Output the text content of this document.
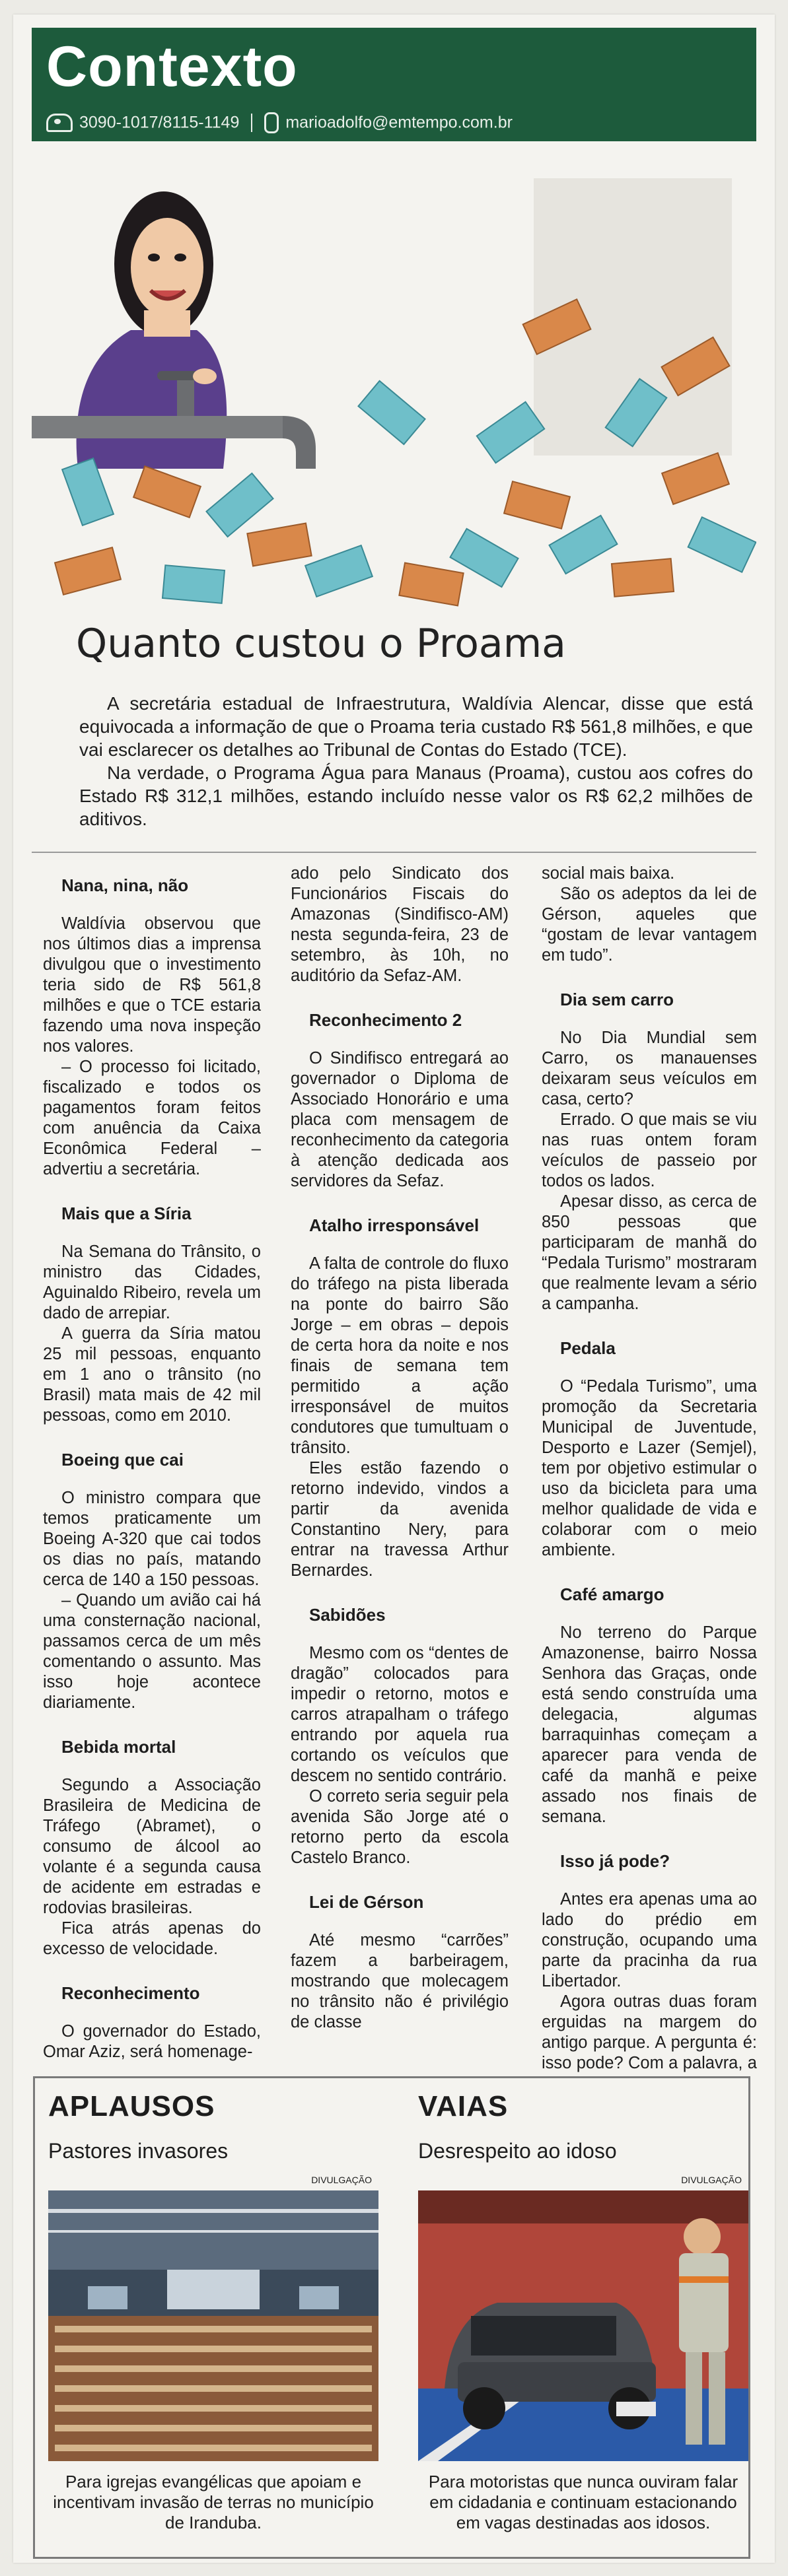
Contexto
3090-1017/8115-1149	marioadolfo@emtempo.com.br
Quanto custou o Proama

A secretária estadual de Infraestrutura, Waldívia Alencar, disse que está equivocada a informação de que o Proama teria custado R$ 561,8 milhões, e que vai esclarecer os detalhes ao Tribunal de Contas do Estado (TCE).

Na verdade, o Programa Água para Manaus (Proama), custou aos cofres do Estado R$ 312,1 milhões, estando incluído nesse valor os R$ 62,2 milhões de aditivos.

Nana, nina, não

Waldívia observou que nos últimos dias a imprensa divulgou que o investimento teria sido de R$ 561,8 milhões e que o TCE estaria fazendo uma nova inspeção nos valores.

– O processo foi licitado, fiscalizado e todos os pagamentos foram feitos com anuência da Caixa Econômica Federal – advertiu a secretária.

Mais que a Síria

Na Semana do Trânsito, o ministro das Cidades, Aguinaldo Ribeiro, revela um dado de arrepiar.

A guerra da Síria matou 25 mil pessoas, enquanto em 1 ano o trânsito (no Brasil) mata mais de 42 mil pessoas, como em 2010.

Boeing que cai

O ministro compara que temos praticamente um Boeing A-320 que cai todos os dias no país, matando cerca de 140 a 150 pessoas.

– Quando um avião cai há uma consternação nacional, passamos cerca de um mês comentando o assunto. Mas isso hoje acontece diariamente.

Bebida mortal

Segundo a Associação Brasileira de Medicina de Tráfego (Abramet), o consumo de álcool ao volante é a segunda causa de acidente em estradas e rodovias brasileiras.

Fica atrás apenas do excesso de velocidade.

Reconhecimento

O governador do Estado, Omar Aziz, será homenage-

ado pelo Sindicato dos Funcionários Fiscais do Amazonas (Sindifisco-AM) nesta segunda-feira, 23 de setembro, às 10h, no auditório da Sefaz-AM.

Reconhecimento 2

O Sindifisco entregará ao governador o Diploma de Associado Honorário e uma placa com mensagem de reconhecimento da categoria à atenção dedicada aos servidores da Sefaz.

Atalho irresponsável

A falta de controle do fluxo do tráfego na pista liberada na ponte do bairro São Jorge – em obras – depois de certa hora da noite e nos finais de semana tem permitido a ação irresponsável de muitos condutores que tumultuam o trânsito.

Eles estão fazendo o retorno indevido, vindos a partir da avenida Constantino Nery, para entrar na travessa Arthur Bernardes.

Sabidões

Mesmo com os “dentes de dragão” colocados para impedir o retorno, motos e carros atrapalham o tráfego entrando por aquela rua cortando os veículos que descem no sentido contrário.

O correto seria seguir pela avenida São Jorge até o retorno perto da escola Castelo Branco.

Lei de Gérson

Até mesmo “carrões” fazem a barbeiragem, mostrando que molecagem no trânsito não é privilégio de classe

social mais baixa.

São os adeptos da lei de Gérson, aqueles que “gostam de levar vantagem em tudo”.

Dia sem carro

No Dia Mundial sem Carro, os manauenses deixaram seus veículos em casa, certo?

Errado. O que mais se viu nas ruas ontem foram veículos de passeio por todos os lados.

Apesar disso, as cerca de 850 pessoas que participaram de manhã do “Pedala Turismo” mostraram que realmente levam a sério a campanha.

Pedala

O “Pedala Turismo”, uma promoção da Secretaria Municipal de Juventude, Desporto e Lazer (Semjel), tem por objetivo estimular o uso da bicicleta para uma melhor qualidade de vida e colaborar com o meio ambiente.

Café amargo

No terreno do Parque Amazonense, bairro Nossa Senhora das Graças, onde está sendo construída uma delegacia, algumas barraquinhas começam a aparecer para venda de café da manhã e peixe assado nos finais de semana.

Isso já pode?

Antes era apenas uma ao lado do prédio em construção, ocupando uma parte da pracinha da rua Libertador.

Agora outras duas foram erguidas na margem do antigo parque. A pergunta é: isso pode? Com a palavra, a

APLAUSOS
Pastores invasores
DIVULGAÇÃO
Para igrejas evangélicas que apoiam e incentivam invasão de terras no município de Iranduba.
VAIAS
Desrespeito ao idoso
DIVULGAÇÃO
Para motoristas que nunca ouviram falar em cidadania e continuam estacionando em vagas destinadas aos idosos.
